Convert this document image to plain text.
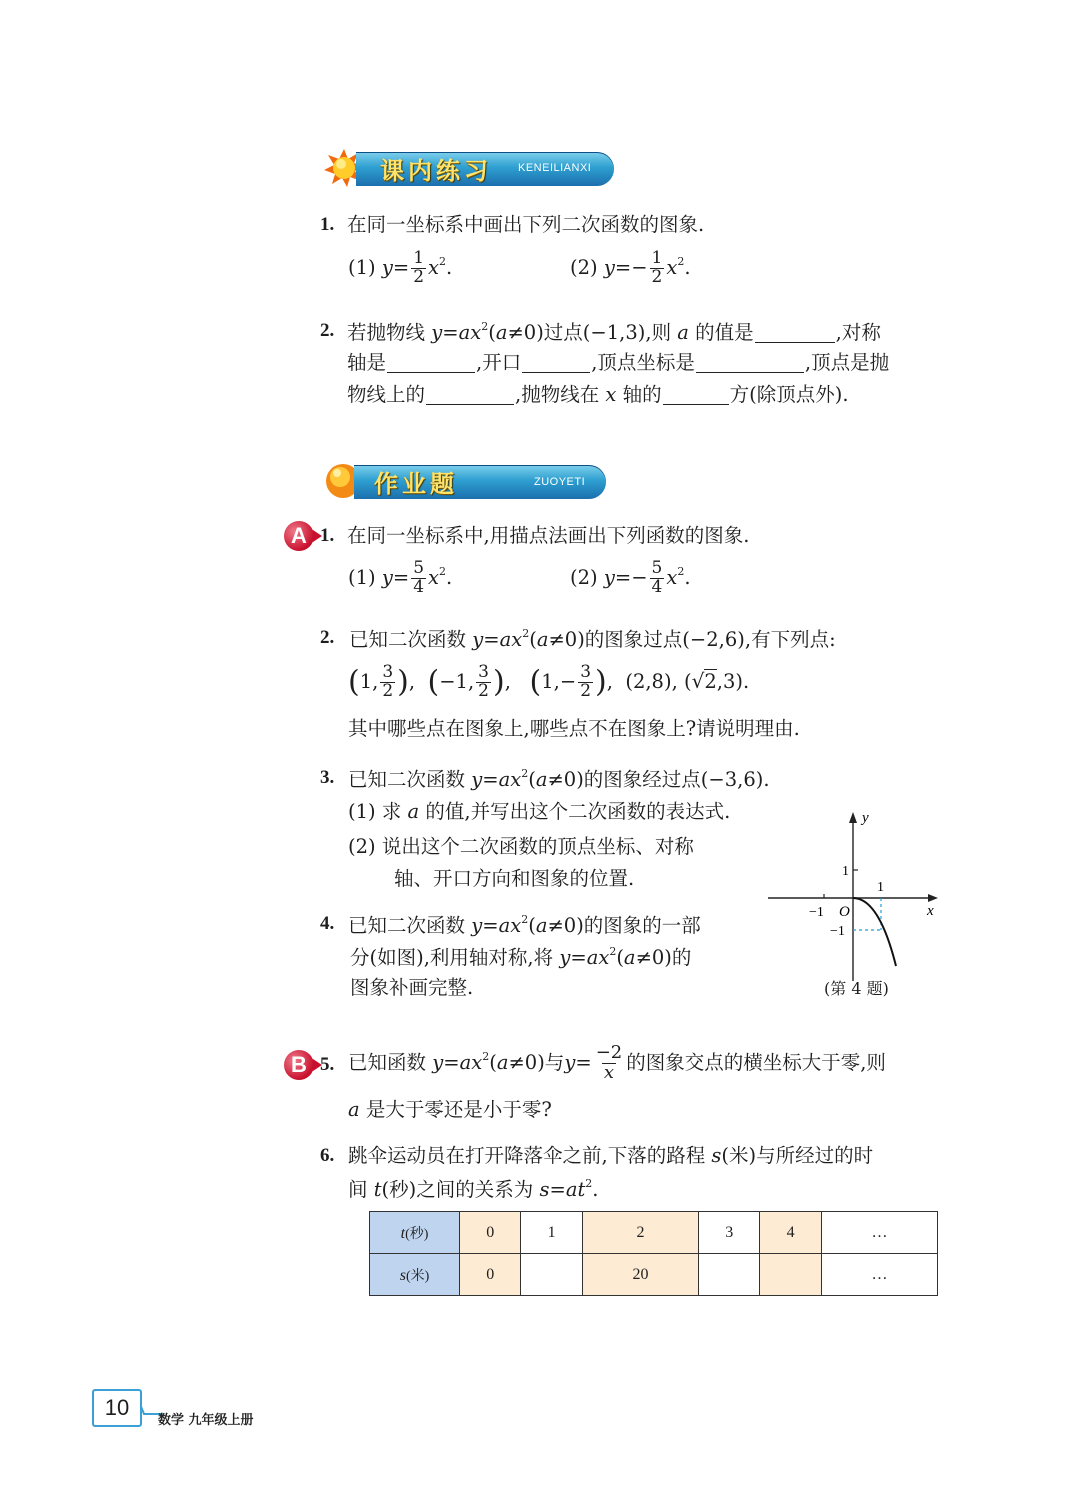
课内练习 KENEILIANXI
1. 在同一坐标系中画出下列二次函数的图象.
(1) $y= \frac{1}{2} x^2$.	(2) $y=- \frac{1}{2} x^2$.
2. 若抛物线 $y=ax^2(a\ne 0)$过点(−1,3),则 a 的值是	,对称
轴是	,开口	,顶点坐标是	,顶点是抛
物线上的	,抛物线在 x 轴的	方(除顶点外).
作业题	ZUOYETI
A 1. 在同一坐标系中,用描点法画出下列函数的图象.
(1) $y= \frac{5}{4} x^2$.	(2) $y=- \frac{5}{4} x^2$.
2. 已知二次函数 $y=ax^2(a\ne 0)$的图象过点(−2,6),有下列点:
(1, $\frac{3}{2}$ ), (−1, $\frac{3}{2}$ ), ($1,- \frac{3}{2}$ ), (2,8), (√2,3).
其中哪些点在图象上,哪些点不在图象上?请说明理由.
3. 已知二次函数 $y=ax^2(a\ne 0)$的图象经过点(−3,6).
(1) 求 a 的值,并写出这个二次函数的表达式.
(2) 说出这个二次函数的顶点坐标、对称
轴、开口方向和图象的位置.
4. 已知二次函数 $y=ax^2(a\ne 0)$的图象的一部
分(如图),利用轴对称,将 $y=ax^2(a\ne 0)$的
图象补画完整.
y
x
O
1
1
−1
−1
(第 4 题)
B 5. 已知函数 $y=ax^2(a\ne 0)$与$y= \frac{-2}{x}$ 的图象交点的横坐标大于零,则
a 是大于零还是小于零?
6. 跳伞运动员在打开降落伞之前,下落的路程 s(米)与所经过的时
间 t(秒)之间的关系为 $s=at^2$.
t(秒)	0	1	2	3	4	…
s(米)	0		20			…
10
数学 九年级上册
